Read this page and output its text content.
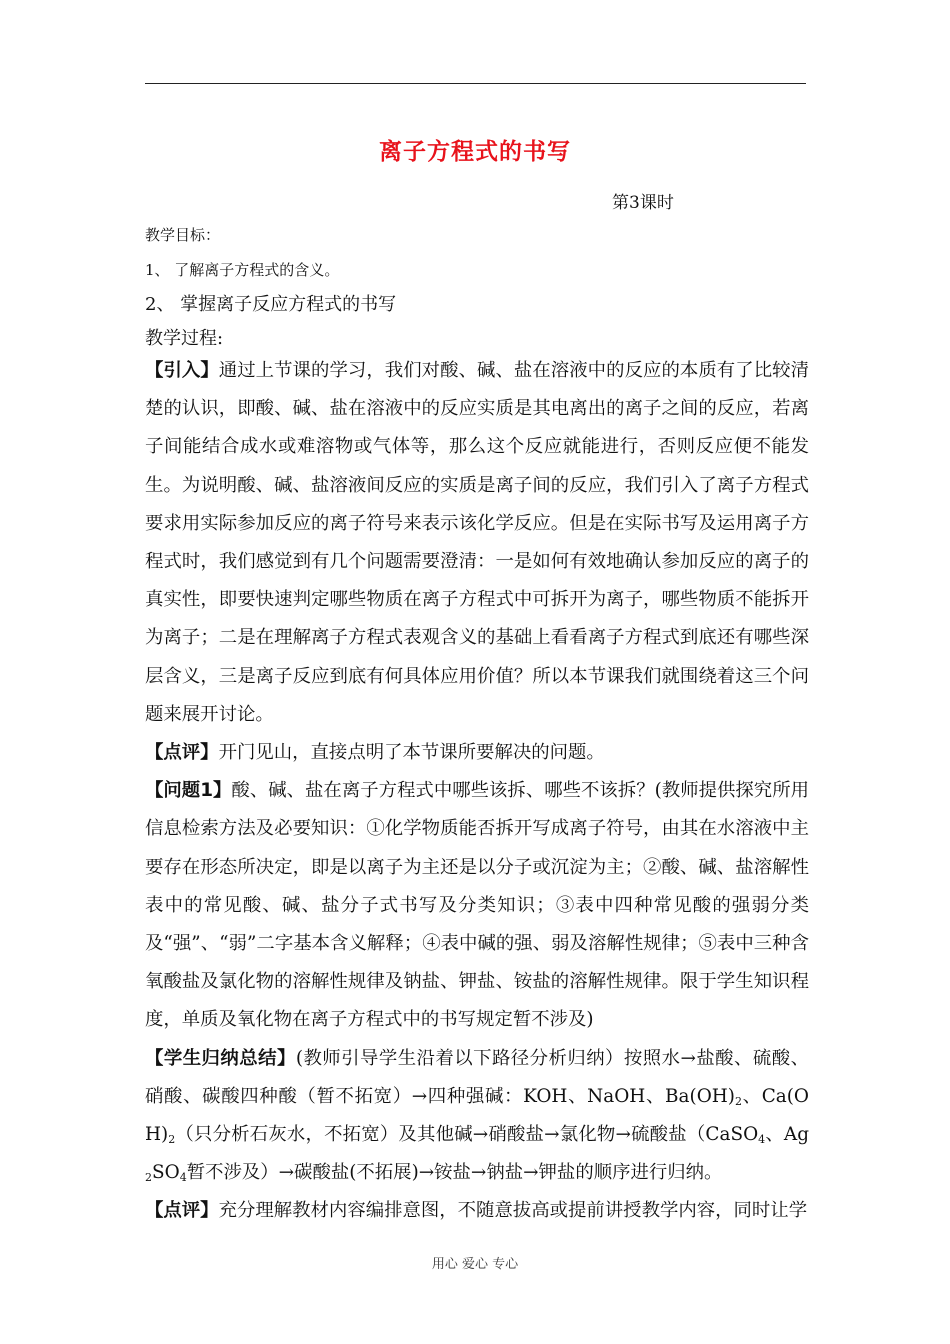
离子方程式的书写
第3课时
教学目标：
1、 了解离子方程式的含义。
2、 掌握离子反应方程式的书写
教学过程:

【引入】通过上节课的学习，我们对酸、碱、盐在溶液中的反应的本质有了比较清楚的认识，即酸、碱、盐在溶液中的反应实质是其电离出的离子之间的反应，若离子间能结合成水或难溶物或气体等，那么这个反应就能进行，否则反应便不能发生。为说明酸、碱、盐溶液间反应的实质是离子间的反应，我们引入了离子方程式要求用实际参加反应的离子符号来表示该化学反应。但是在实际书写及运用离子方程式时，我们感觉到有几个问题需要澄清：一是如何有效地确认参加反应的离子的真实性，即要快速判定哪些物质在离子方程式中可拆开为离子，哪些物质不能拆开为离子；二是在理解离子方程式表观含义的基础上看看离子方程式到底还有哪些深层含义，三是离子反应到底有何具体应用价值？所以本节课我们就围绕着这三个问题来展开讨论。

【点评】开门见山，直接点明了本节课所要解决的问题。

【问题1】酸、碱、盐在离子方程式中哪些该拆、哪些不该拆？(教师提供探究所用信息检索方法及必要知识：①化学物质能否拆开写成离子符号，由其在水溶液中主要存在形态所决定，即是以离子为主还是以分子或沉淀为主；②酸、碱、盐溶解性表中的常见酸、碱、盐分子式书写及分类知识；③表中四种常见酸的强弱分类及“强”、“弱”二字基本含义解释；④表中碱的强、弱及溶解性规律；⑤表中三种含氧酸盐及氯化物的溶解性规律及钠盐、钾盐、铵盐的溶解性规律。限于学生知识程度，单质及氧化物在离子方程式中的书写规定暂不涉及)

【学生归纳总结】(教师引导学生沿着以下路径分析归纳）按照水→盐酸、硫酸、硝酸、碳酸四种酸（暂不拓宽）→四种强碱：KOH、NaOH、$Ba(OH)_2$、$Ca(OH)_2$（只分析石灰水，不拓宽）及其他碱→硝酸盐→氯化物→硫酸盐（CaSO$_4$、$Ag_2SO_4$暂不涉及）→碳酸盐(不拓展)→铵盐→钠盐→钾盐的顺序进行归纳。

【点评】充分理解教材内容编排意图，不随意拔高或提前讲授教学内容，同时让学

用心 爱心 专心
